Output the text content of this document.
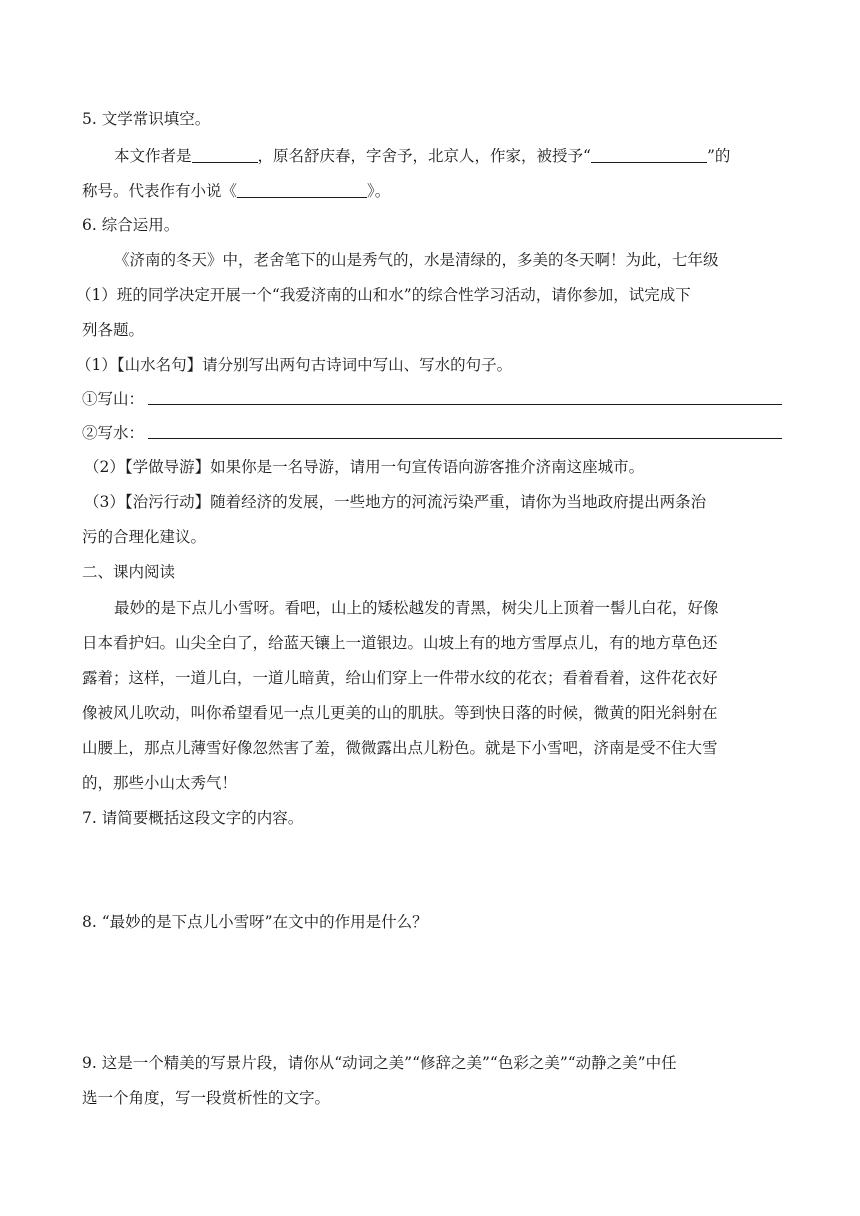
5. 文学常识填空。
本文作者是	，原名舒庆春，字舍予，北京人，作家，被授予“	”的
称号。代表作有小说《	》。
6. 综合运用。
《济南的冬天》中，老舍笔下的山是秀气的，水是清绿的，多美的冬天啊！为此，七年级
（1）班的同学决定开展一个“我爱济南的山和水”的综合性学习活动，请你参加，试完成下
列各题。
（1）【山水名句】请分别写出两句古诗词中写山、写水的句子。
①写山：
②写水：
（2）【学做导游】如果你是一名导游，请用一句宣传语向游客推介济南这座城市。
（3）【治污行动】随着经济的发展，一些地方的河流污染严重，请你为当地政府提出两条治
污的合理化建议。
二、课内阅读
最妙的是下点儿小雪呀。看吧，山上的矮松越发的青黑，树尖儿上顶着一髻儿白花，好像
日本看护妇。山尖全白了，给蓝天镶上一道银边。山坡上有的地方雪厚点儿，有的地方草色还
露着；这样，一道儿白，一道儿暗黄，给山们穿上一件带水纹的花衣；看着看着，这件花衣好
像被风儿吹动，叫你希望看见一点儿更美的山的肌肤。等到快日落的时候，微黄的阳光斜射在
山腰上，那点儿薄雪好像忽然害了羞，微微露出点儿粉色。就是下小雪吧，济南是受不住大雪
的，那些小山太秀气！
7. 请简要概括这段文字的内容。
8. “最妙的是下点儿小雪呀”在文中的作用是什么？
9. 这是一个精美的写景片段，请你从“动词之美”“修辞之美”“色彩之美”“动静之美”中任
选一个角度，写一段赏析性的文字。
